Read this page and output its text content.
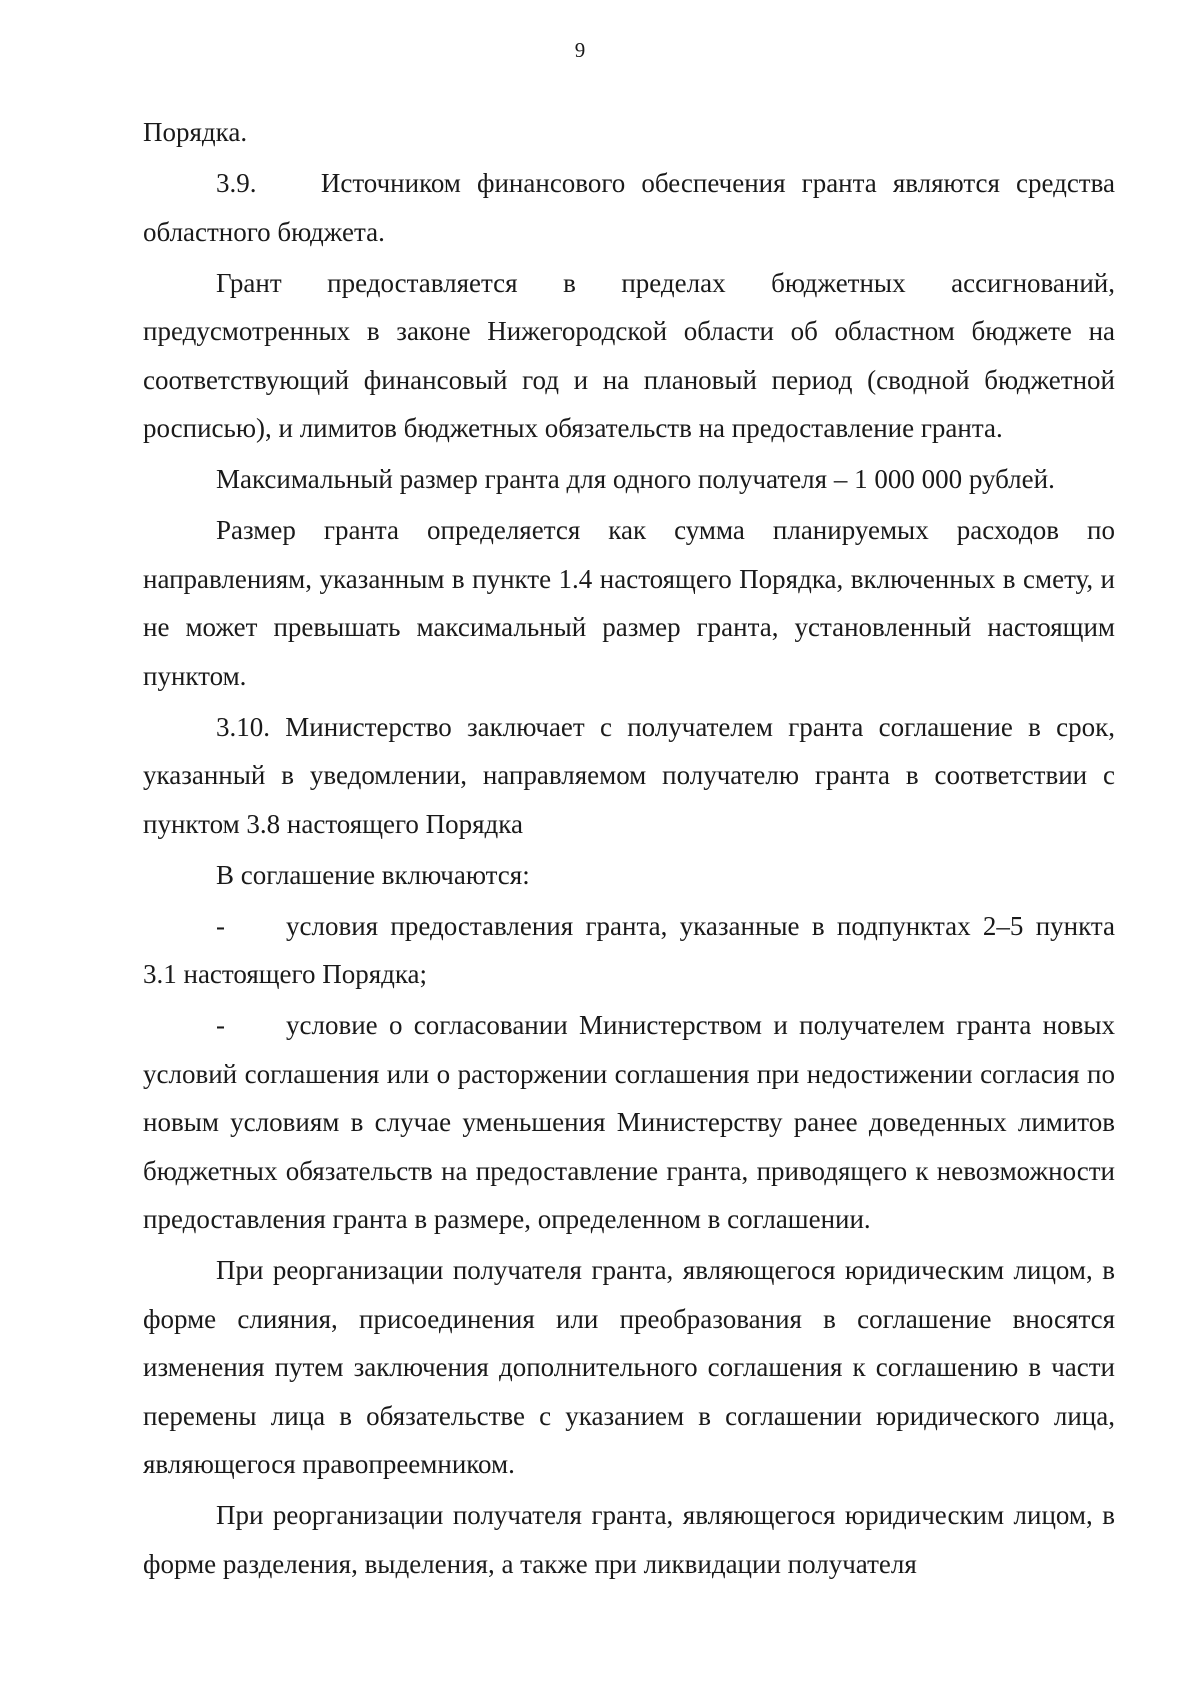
9

Порядка.

3.9.    Источником финансового обеспечения гранта являются средства областного бюджета.

Грант предоставляется в пределах бюджетных ассигнований, предусмотренных в законе Нижегородской области об областном бюджете на соответствующий финансовый год и на плановый период (сводной бюджетной росписью), и лимитов бюджетных обязательств на предоставление гранта.

Максимальный размер гранта для одного получателя – 1 000 000 рублей.

Размер гранта определяется как сумма планируемых расходов по направлениям, указанным в пункте 1.4 настоящего Порядка, включенных в смету, и не может превышать максимальный размер гранта, установленный настоящим пунктом.

3.10. Министерство заключает с получателем гранта соглашение в срок, указанный в уведомлении, направляемом получателю гранта в соответствии с пунктом 3.8 настоящего Порядка

В соглашение включаются:

- условия предоставления гранта, указанные в подпунктах 2–5 пункта 3.1 настоящего Порядка;

- условие о согласовании Министерством и получателем гранта новых условий соглашения или о расторжении соглашения при недостижении согласия по новым условиям в случае уменьшения Министерству ранее доведенных лимитов бюджетных обязательств на предоставление гранта, приводящего к невозможности предоставления гранта в размере, определенном в соглашении.

При реорганизации получателя гранта, являющегося юридическим лицом, в форме слияния, присоединения или преобразования в соглашение вносятся изменения путем заключения дополнительного соглашения к соглашению в части перемены лица в обязательстве с указанием в соглашении юридического лица, являющегося правопреемником.

При реорганизации получателя гранта, являющегося юридическим лицом, в форме разделения, выделения, а также при ликвидации получателя
